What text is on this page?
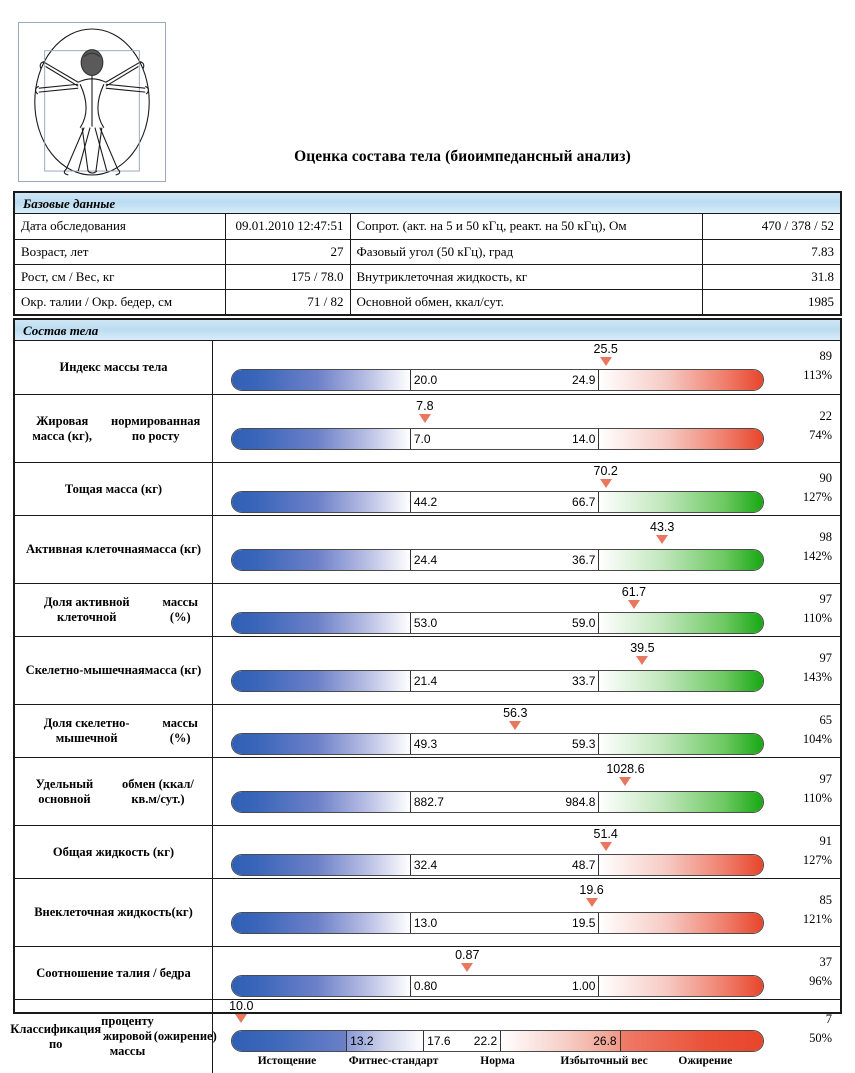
Оценка состава тела (биоимпедансный анализ)
Базовые данные
Дата обследования	09.01.2010 12:47:51	Сопрот. (акт. на 5 и 50 кГц, реакт. на 50 кГц), Ом	470 / 378 / 52
Возраст, лет	27	Фазовый угол (50 кГц), град	7.83
Рост, см / Вес, кг	175 / 78.0	Внутриклеточная жидкость, кг	31.8
Окр. талии / Окр. бедер, см	71 / 82	Основной обмен, ккал/сут.	1985
Состав тела
Индекс массы тела
25.5
20.0	24.9
89
113%
Жировая масса (кг),

нормированная по росту
7.8
7.0	14.0
22
74%
Тощая масса (кг)
70.2
44.2	66.7
90
127%
Активная клеточная масса (кг)
43.3
24.4	36.7
98
142%
Доля активной клеточной

массы (%)
61.7
53.0	59.0
97
110%
Скелетно-мышечная масса (кг)
39.5
21.4	33.7
97
143%
Доля скелетно-мышечной

массы (%)
56.3
49.3	59.3
65
104%
Удельный основной

обмен (ккал/кв.м/сут.)
1028.6
882.7	984.8
97
110%
Общая жидкость (кг)
51.4
32.4	48.7
91
127%
Внеклеточная жидкость (кг)
19.6
13.0	19.5
85
121%
Соотношение талия / бедра
0.87
0.80	1.00
37
96%
Классификация по

проценту жировой массы

(ожирение)
10.0
13.2	17.6 22.2	26.8
Истощение	Фитнес-стандарт	Норма	Избыточный вес	Ожирение
7
50%
